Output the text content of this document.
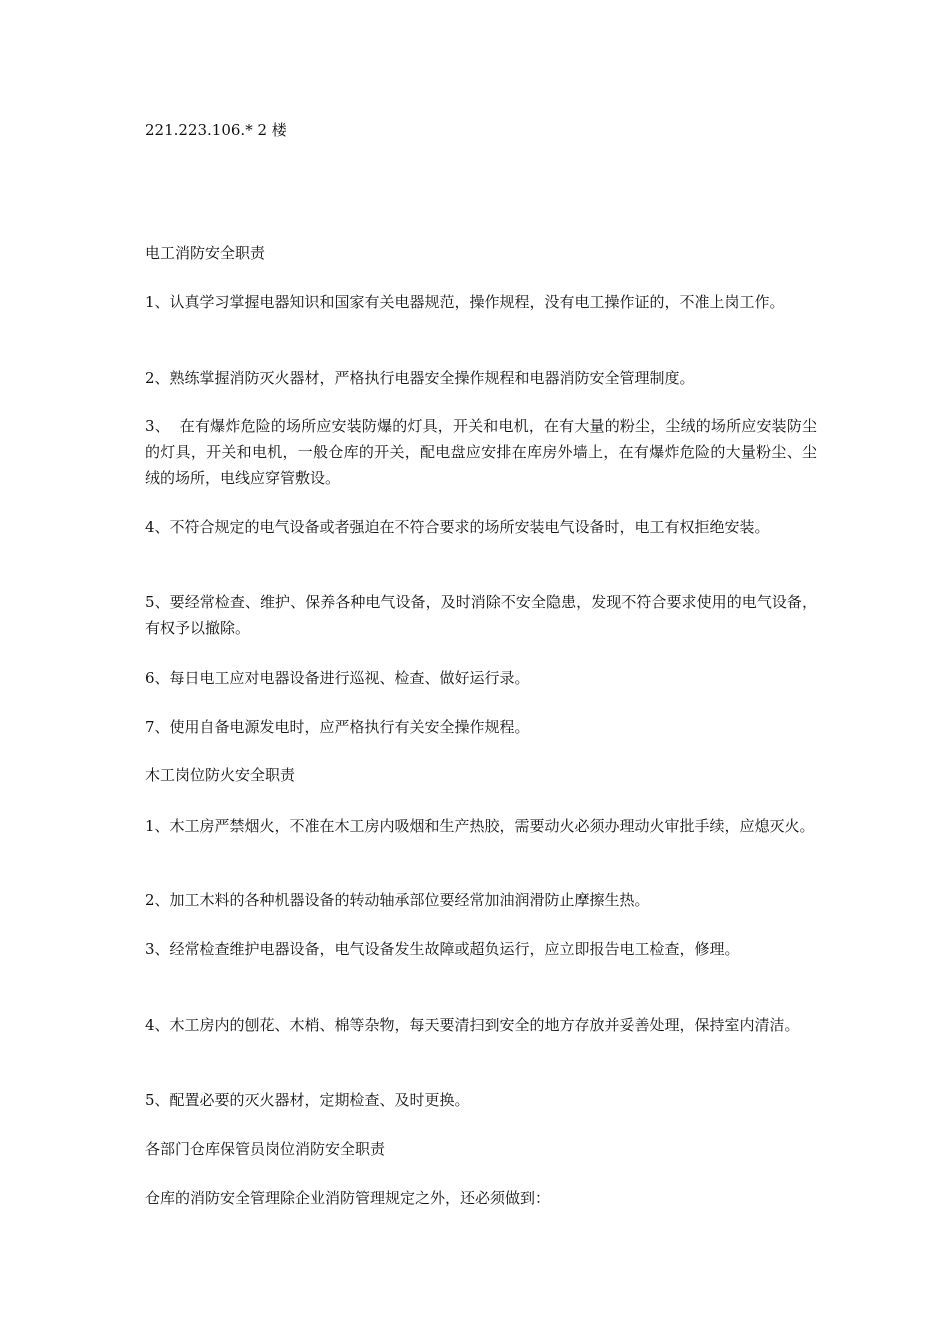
221.223.106.* 2 楼

电工消防安全职责

1、认真学习掌握电器知识和国家有关电器规范，操作规程，没有电工操作证的，不准上岗工作。

2、熟练掌握消防灭火器材，严格执行电器安全操作规程和电器消防安全管理制度。

3、  在有爆炸危险的场所应安装防爆的灯具，开关和电机，在有大量的粉尘，尘绒的场所应安装防尘的灯具，开关和电机，一般仓库的开关，配电盘应安排在库房外墙上，在有爆炸危险的大量粉尘、尘绒的场所，电线应穿管敷设。

4、不符合规定的电气设备或者强迫在不符合要求的场所安装电气设备时，电工有权拒绝安装。

5、要经常检查、维护、保养各种电气设备，及时消除不安全隐患，发现不符合要求使用的电气设备，有权予以撤除。

6、每日电工应对电器设备进行巡视、检查、做好运行录。

7、使用自备电源发电时，应严格执行有关安全操作规程。

木工岗位防火安全职责

1、木工房严禁烟火，不准在木工房内吸烟和生产热胶，需要动火必须办理动火审批手续，应熄灭火。

2、加工木料的各种机器设备的转动轴承部位要经常加油润滑防止摩擦生热。

3、经常检查维护电器设备，电气设备发生故障或超负运行，应立即报告电工检查，修理。

4、木工房内的刨花、木梢、棉等杂物，每天要清扫到安全的地方存放并妥善处理，保持室内清洁。

5、配置必要的灭火器材，定期检查、及时更换。

各部门仓库保管员岗位消防安全职责

仓库的消防安全管理除企业消防管理规定之外，还必须做到：
